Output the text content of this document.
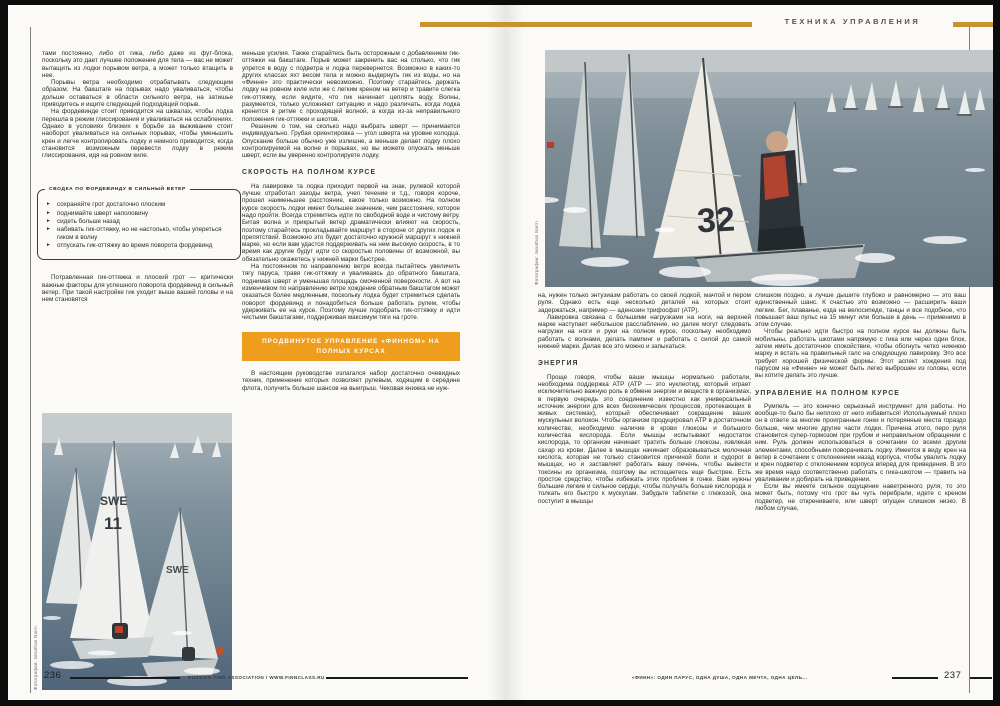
ТЕХНИКА УПРАВЛЕНИЯ

тами постоянно, либо от гика, либо даже из фут-блока, поскольку это дает лучшее положение для тела — вас не может вытащить из лодки порывом ветра, а может только втащить в нее.

Порывы ветра необходимо отрабатывать следующим образом. На бакштаге на порывах надо уваливаться, чтобы дольше оставаться в области сильного ветра, на затишье приводитесь и ищите следующий подходящий порыв.

На фордевинде стоит приводится на шквалах, чтобы лодка перешла в режим глиссирования и уваливаться на ослаблениях. Однако в условиях близких к борьбе за выживание стоит наоборот уваливаться на сильных порывах, чтобы уменьшить крен и легче контролировать лодку и немного приводится, когда становится возможным перевести лодку в режим глиссирования, идя на ровном киле.

СВОДКА ПО ФОРДЕВИНДУ В СИЛЬНЫЙ ВЕТЕР
▸ сохраняйте грот достаточно плоским
▸ поднимайте шверт наполовину
▸ сидеть больше назад
▸ набивать гик-оттяжку, но не настолько, чтобы упереться гиком в волну
▸ отпускать гик-оттяжку во время поворота фордевинд

Потравленная гик-оттяжка и плоский грот — критически важные факторы для успешного поворота фордевинд в сильный ветер. При такой настройке гик уходит выше вашей головы и на нем становятся

меньше усилия. Также старайтесь быть осторожным с добавлением гик-оттяжки на бакштаге. Порыв может закренить вас на столько, что гик упрется в воду с подветра и лодка перевернется. Возможно в каких-то других классах яхт весом тела и можно выдернуть гик из воды, но на «Финне» это практически невозможно. Поэтому старайтесь держать лодку на ровном киле или же с легким креном на ветер и травите слегка гик-оттяжку, если видите, что гик начинает цеплять воду. Волны, разумеется, только усложняют ситуацию и надо различать, когда лодка кренится в ритме с проходящей волной, а когда из-за неправильного положения гик-оттяжки и шкотов.

Решение о том, на сколько надо выбрать шверт — принимается индивидуально. Грубая ориентировка — угол шверта на уровне колодца. Опускание больше обычно уже излишне, а меньше делает лодку плохо контролируемой на волне и порывах, но вы можете опускать меньше шверт, если вы уверенно контролируете лодку.

СКОРОСТЬ НА ПОЛНОМ КУРСЕ

На лавировке та лодка приходит первой на знак, рулевой которой лучше отработал заходы ветра, учел течение и т.д., говоря короче, прошел наименьшее расстояние, какое только возможно. На полном курсе скорость лодки имеет большее значение, чем расстояние, которое надо пройти. Всегда стремитесь идти по свободной воде и чистому ветру. Битая волна и прикрытый ветер драматически влияют на скорость, поэтому старайтесь прокладывайте маршрут в стороне от других лодок и препятствий. Возможно это будет достаточно кружной маршрут к нижней марке, но если вам удастся поддерживать на нем высокую скорость, в то время как другие будут идти со скоростью половины от возможной, вы обязательно окажетесь у нижней марки быстрее.

На постоянном по направлению ветре всегда пытайтесь увеличить тягу паруса, травя гик-оттяжку и уваливаясь до обратного бакштага, поднимая шверт и уменьшая площадь смоченной поверхности. А вот на изменчивом по направлению ветре хождение обратным бакштагом может оказаться более медленным, поскольку лодка будет стремиться сделать поворот фордевинд и понадобиться больше работать рулем, чтобы удерживать ее на курсе. Поэтому лучше подобрать гик-оттяжку и идти чистыми бакштагами, поддерживая максимум тяги на гроте.

ПРОДВИНУТОЕ УПРАВЛЕНИЕ «ФИННОМ» НА ПОЛНЫХ КУРСАХ

В настоящем руководстве излагался набор достаточно очевидных техник, применение которых позволяет рулевым, ходящим в середине флота, получить больше шансов на выигрыш. Чековая книжка не нуж-

SWE
11
SWE
Фотографии: Jonathan Nairn 236	RUSSIAN FINN ASSOCIATION / WWW.FINNCLASS.RU
32
Фотографии: Jonathan Nairn

на, нужен только энтузиазм работать со своей лодкой, мачтой и пером руля. Однако есть еще несколько деталей на которых стоит задержаться, например — аденозин трифосфат (АТР).

Лавировка связана с большими нагрузками на ноги, на верхней марке наступает небольшое расслабление, но далее могут следовать нагрузки на ноги и руки на полном курсе, поскольку необходимо работать с волнами, делать пампинг и работать с силой до самой нижней марки. Делая все это можно и запыхаться.

ЭНЕРГИЯ

Проще говоря, чтобы ваши мышцы нормально работали, необходима поддержка АТР (АТР — это нуклеотид, который играет исключительно важную роль в обмене энергии и веществ в организмах, в первую очередь это соединение известно как универсальный источник энергии для всех биохимических процессов, протекающих в живых системах), который обеспечивает сокращение ваших мускульных волокон. Чтобы организм продуцировал АТР в достаточном количестве, необходимо наличие в крови глюкозы и большого количества кислорода. Если мышцы испытывают недостаток кислорода, то организм начинает тратить больше глюкозы, извлекая сахар из крови. Далее в мышцах начинает образовываться молочная кислота, которая не только становится причиной боли и судорог в мышцах, но и заставляет работать вашу печень, чтобы вывести токсины из организма, поэтому вы истощаетесь еще быстрее. Есть простое средство, чтобы избежать этих проблем в гонке. Вам нужны большие легкие и сильное сердце, чтобы получать больше кислорода и толкать его быстро к мускулам. Забудьте таблетки с глюкозой, она поступит в мышцы

слишком поздно, а лучше дышите глубоко и равномерно — это ваш единственный шанс. К счастью это возможно — расширить ваши легкие. Бег, плаванье, езда на велосипеде, танцы и все подобное, что повышает ваш пульс на 15 минут или больше в день — применимо в этом случае.

Чтобы реально идти быстро на полном курсе вы должны быть мобильны, работать шкотами напрямую с гика или через один блок, затем иметь достаточное спокойствие, чтобы обогнуть четко нижнюю марку и встать на правильный галс на следующую лавировку. Это все требует хорошей физической формы. Этот аспект хождения под парусом на «Финне» не может быть легко выброшен из головы, если вы хотите делать это лучше.

УПРАВЛЕНИЕ НА ПОЛНОМ КУРСЕ

Румпель — это конечно серьезный инструмент для работы. Но вообще-то было бы неплохо от него избавиться! Используемый плохо он в ответе за многие проигранные гонки и потерянные места гораздо больше, чем многие другие части лодки. Причина этого, перо руля становится супер-тормозом при грубом и неправильном обращении с ним. Руль должен использоваться в сочетании со всеми другим элементами, способными поворачивать лодку. Имеется в виду крен на ветер в сочетании с отклонением назад корпуса, чтобы увалить лодку и крен подветер с отклонением корпуса вперед для приведения. В это же время надо соответственно работать с гика-шкотом — травить на уваливании и добирать на приведении.

Если вы имеете сильное ощущение наветренного руля, то это может быть, потому что грот вы чуть перебрали, идете с креном подветер, не открениваете, или шверт опущен слишком низко. В любом случае,

«ФИНН»: ОДИН ПАРУС, ОДНА ДУША, ОДНА МЕЧТА, ОДНА ЦЕЛЬ...	237
